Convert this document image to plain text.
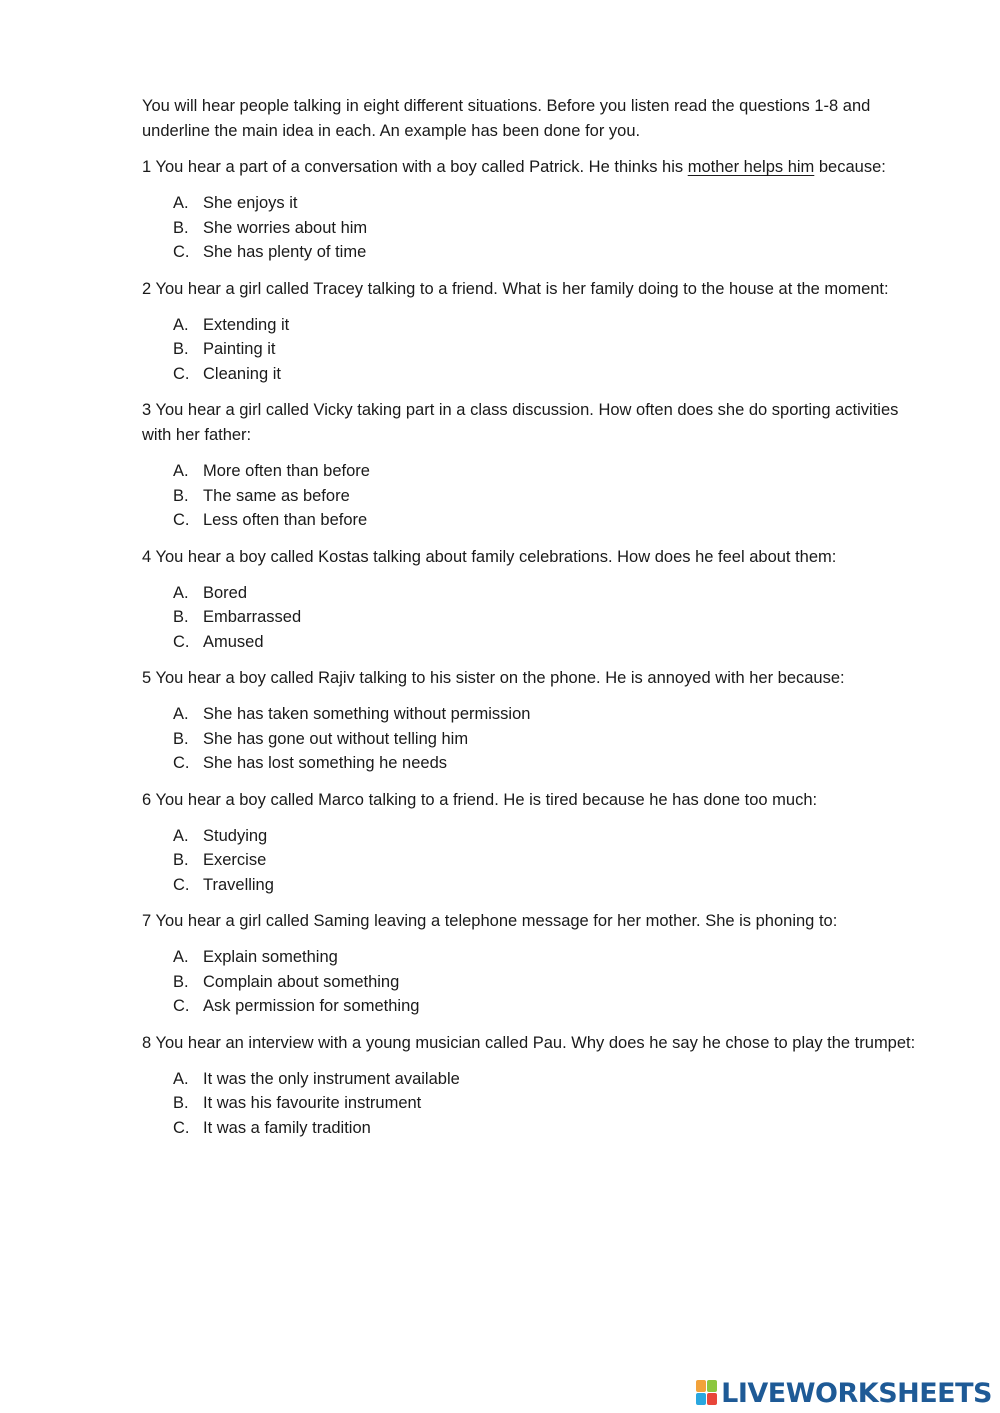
You will hear people talking in eight different situations. Before you listen read the questions 1-8 and underline the main idea in each. An example has been done for you.

1 You hear a part of a conversation with a boy called Patrick. He thinks his mother helps him because:

A. She enjoys it
B. She worries about him
C. She has plenty of time

2 You hear a girl called Tracey talking to a friend. What is her family doing to the house at the moment:

A. Extending it
B. Painting it
C. Cleaning it

3 You hear a girl called Vicky taking part in a class discussion. How often does she do sporting activities with her father:

A. More often than before
B. The same as before
C. Less often than before

4 You hear a boy called Kostas talking about family celebrations. How does he feel about them:

A. Bored
B. Embarrassed
C. Amused

5 You hear a boy called Rajiv talking to his sister on the phone. He is annoyed with her because:

A. She has taken something without permission
B. She has gone out without telling him
C. She has lost something he needs

6 You hear a boy called Marco talking to a friend. He is tired because he has done too much:

A. Studying
B. Exercise
C. Travelling

7 You hear a girl called Saming leaving a telephone message for her mother. She is phoning to:

A. Explain something
B. Complain about something
C. Ask permission for something

8 You hear an interview with a young musician called Pau. Why does he say he chose to play the trumpet:

A. It was the only instrument available
B. It was his favourite instrument
C. It was a family tradition
LIVEWORKSHEETS
